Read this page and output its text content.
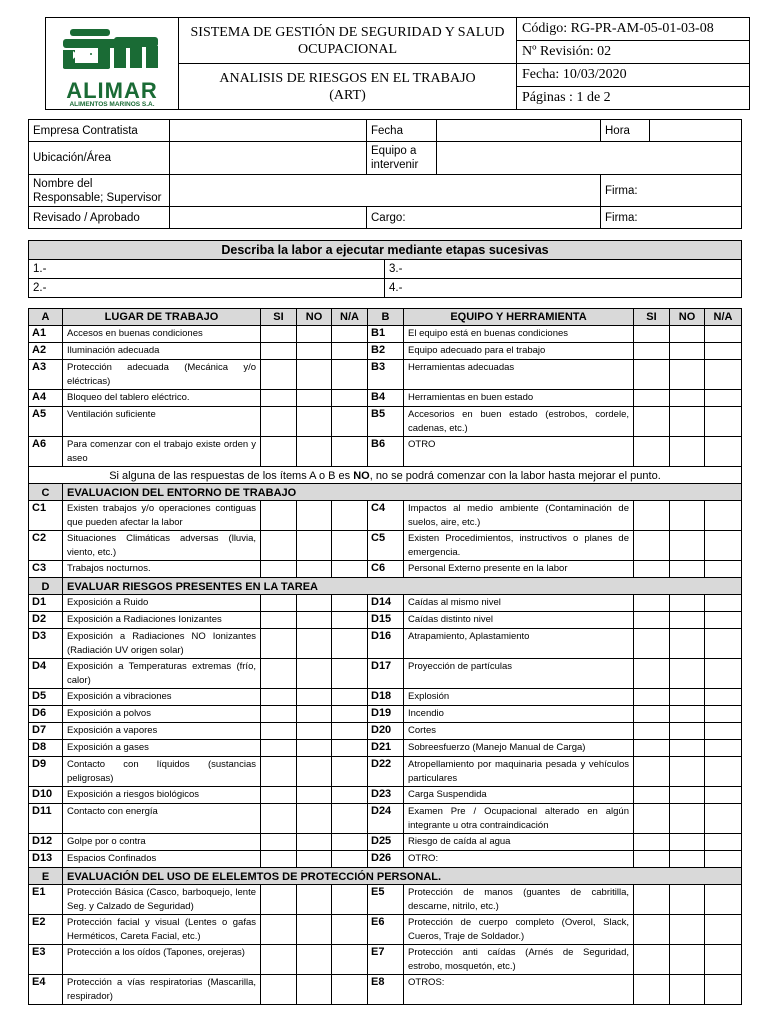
ALIMAR
ALIMENTOS MARINOS S.A.	SISTEMA DE GESTIÓN DE SEGURIDAD Y SALUD OCUPACIONAL	Código: RG-PR-AM-05-01-03-08
		Nº Revisión: 02
	ANALISIS DE RIESGOS EN EL TRABAJO (ART)	Fecha: 10/03/2020
		Páginas : 1 de 2
Empresa Contratista		Fecha		Hora	
Ubicación/Área		Equipo a intervenir			
Nombre del Responsable; Supervisor				Firma:	
Revisado / Aprobado		Cargo:		Firma:	
Describa la labor a ejecutar mediante etapas sucesivas	
1.-	3.-
2.-	4.-
A	LUGAR DE TRABAJO	SI	NO	N/A	B	EQUIPO Y HERRAMIENTA	SI	NO	N/A
A1	Accesos en buenas condiciones				B1	El equipo está en buenas condiciones			
A2	Iluminación adecuada				B2	Equipo adecuado para el trabajo			
A3	Protección adecuada (Mecánica y/o eléctricas)				B3	Herramientas adecuadas			
A4	Bloqueo del tablero eléctrico.				B4	Herramientas en buen estado			
A5	Ventilación suficiente				B5	Accesorios en buen estado (estrobos, cordele, cadenas, etc.)			
A6	Para comenzar con el trabajo existe orden y aseo				B6	OTRO			
Si alguna de las respuestas de los ítems A o B es NO, no se podrá comenzar con la labor hasta mejorar el punto.									
C	EVALUACION DEL ENTORNO DE TRABAJO								
C1	Existen trabajos y/o operaciones contiguas que pueden afectar la labor				C4	Impactos al medio ambiente (Contaminación de suelos, aire, etc.)			
C2	Situaciones Climáticas adversas (lluvia, viento, etc.)				C5	Existen Procedimientos, instructivos o planes de emergencia.			
C3	Trabajos nocturnos.				C6	Personal Externo presente en la labor			
D	EVALUAR RIESGOS PRESENTES EN LA TAREA								
D1	Exposición a Ruido				D14	Caídas al mismo nivel			
D2	Exposición a Radiaciones Ionizantes				D15	Caídas distinto nivel			
D3	Exposición a Radiaciones NO Ionizantes (Radiación UV origen solar)				D16	Atrapamiento, Aplastamiento			
D4	Exposición a Temperaturas extremas (frío, calor)				D17	Proyección de partículas			
D5	Exposición a vibraciones				D18	Explosión			
D6	Exposición a polvos				D19	Incendio			
D7	Exposición a vapores				D20	Cortes			
D8	Exposición a gases				D21	Sobreesfuerzo (Manejo Manual de Carga)			
D9	Contacto con líquidos (sustancias peligrosas)				D22	Atropellamiento por maquinaria pesada y vehículos particulares			
D10	Exposición a riesgos biológicos				D23	Carga Suspendida			
D11	Contacto con energía				D24	Examen Pre / Ocupacional alterado en algún integrante u otra contraindicación			
D12	Golpe por o contra				D25	Riesgo de caída al agua			
D13	Espacios Confinados				D26	OTRO:			
E	EVALUACIÓN DEL USO DE ELELEMTOS DE PROTECCIÓN PERSONAL.								
E1	Protección Básica (Casco, barboquejo, lente Seg. y Calzado de Seguridad)				E5	Protección de manos (guantes de cabritilla, descarne, nitrilo, etc.)			
E2	Protección facial y visual (Lentes o gafas Herméticos, Careta Facial, etc.)				E6	Protección de cuerpo completo (Overol, Slack, Cueros, Traje de Soldador.)			
E3	Protección a los oídos (Tapones, orejeras)				E7	Protección anti caídas (Arnés de Seguridad, estrobo, mosquetón, etc.)			
E4	Protección a vías respiratorias (Mascarilla, respirador)				E8	OTROS:			
